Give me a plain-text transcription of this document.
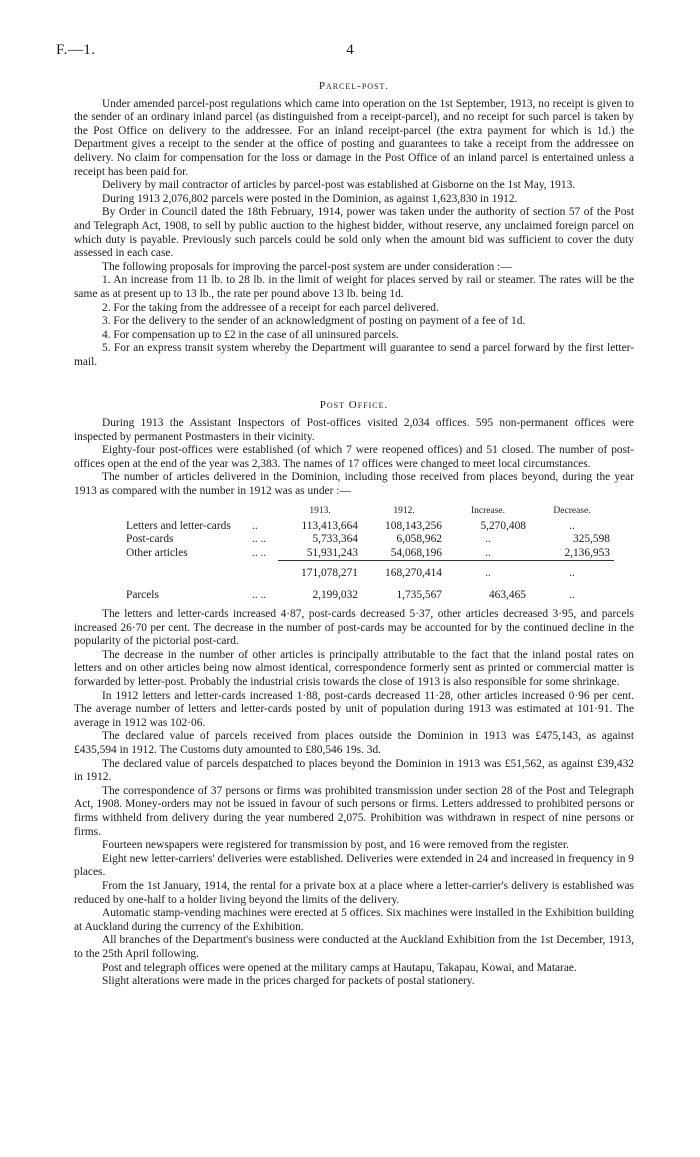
F.—1.	4
Parcel-post.

Under amended parcel-post regulations which came into operation on the 1st September, 1913, no receipt is given to the sender of an ordinary inland parcel (as distinguished from a receipt-parcel), and no receipt for such parcel is taken by the Post Office on delivery to the addressee. For an inland receipt-parcel (the extra payment for which is 1d.) the Department gives a receipt to the sender at the office of posting and guarantees to take a receipt from the addressee on delivery. No claim for compensation for the loss or damage in the Post Office of an inland parcel is entertained unless a receipt has been paid for.

Delivery by mail contractor of articles by parcel-post was established at Gisborne on the 1st May, 1913.

During 1913 2,076,802 parcels were posted in the Dominion, as against 1,623,830 in 1912.

By Order in Council dated the 18th February, 1914, power was taken under the authority of section 57 of the Post and Telegraph Act, 1908, to sell by public auction to the highest bidder, without reserve, any unclaimed foreign parcel on which duty is payable. Previously such parcels could be sold only when the amount bid was sufficient to cover the duty assessed in each case.

The following proposals for improving the parcel-post system are under consideration :—

1. An increase from 11 lb. to 28 lb. in the limit of weight for places served by rail or steamer. The rates will be the same as at present up to 13 lb., the rate per pound above 13 lb. being 1d.

2. For the taking from the addressee of a receipt for each parcel delivered.

3. For the delivery to the sender of an acknowledgment of posting on payment of a fee of 1d.

4. For compensation up to £2 in the case of all uninsured parcels.

5. For an express transit system whereby the Department will guarantee to send a parcel forward by the first letter-mail.

Post Office.

During 1913 the Assistant Inspectors of Post-offices visited 2,034 offices. 595 non-permanent offices were inspected by permanent Postmasters in their vicinity.

Eighty-four post-offices were established (of which 7 were reopened offices) and 51 closed. The number of post-offices open at the end of the year was 2,383. The names of 17 offices were changed to meet local circumstances.

The number of articles delivered in the Dominion, including those received from places beyond, during the year 1913 as compared with the number in 1912 was as under :—

		1913.	1912.	Increase.	Decrease.
Letters and letter-cards	..	113,413,664	108,143,256	5,270,408	..
Post-cards	.. ..	5,733,364	6,058,962	..	325,598
Other articles	.. ..	51,931,243	54,068,196	..	2,136,953
		171,078,271	168,270,414	..	..
Parcels	.. ..	2,199,032	1,735,567	463,465	..

The letters and letter-cards increased 4·87, post-cards decreased 5·37, other articles decreased 3·95, and parcels increased 26·70 per cent. The decrease in the number of post-cards may be accounted for by the continued decline in the popularity of the pictorial post-card.

The decrease in the number of other articles is principally attributable to the fact that the inland postal rates on letters and on other articles being now almost identical, correspondence formerly sent as printed or commercial matter is forwarded by letter-post. Probably the industrial crisis towards the close of 1913 is also responsible for some shrinkage.

In 1912 letters and letter-cards increased 1·88, post-cards decreased 11·28, other articles increased 0·96 per cent. The average number of letters and letter-cards posted by unit of population during 1913 was estimated at 101·91. The average in 1912 was 102·06.

The declared value of parcels received from places outside the Dominion in 1913 was £475,143, as against £435,594 in 1912. The Customs duty amounted to £80,546 19s. 3d.

The declared value of parcels despatched to places beyond the Dominion in 1913 was £51,562, as against £39,432 in 1912.

The correspondence of 37 persons or firms was prohibited transmission under section 28 of the Post and Telegraph Act, 1908. Money-orders may not be issued in favour of such persons or firms. Letters addressed to prohibited persons or firms withheld from delivery during the year numbered 2,075. Prohibition was withdrawn in respect of nine persons or firms.

Fourteen newspapers were registered for transmission by post, and 16 were removed from the register.

Eight new letter-carriers' deliveries were established. Deliveries were extended in 24 and increased in frequency in 9 places.

From the 1st January, 1914, the rental for a private box at a place where a letter-carrier's delivery is established was reduced by one-half to a holder living beyond the limits of the delivery.

Automatic stamp-vending machines were erected at 5 offices. Six machines were installed in the Exhibition building at Auckland during the currency of the Exhibition.

All branches of the Department's business were conducted at the Auckland Exhibition from the 1st December, 1913, to the 25th April following.

Post and telegraph offices were opened at the military camps at Hautapu, Takapau, Kowai, and Matarae.

Slight alterations were made in the prices charged for packets of postal stationery.
